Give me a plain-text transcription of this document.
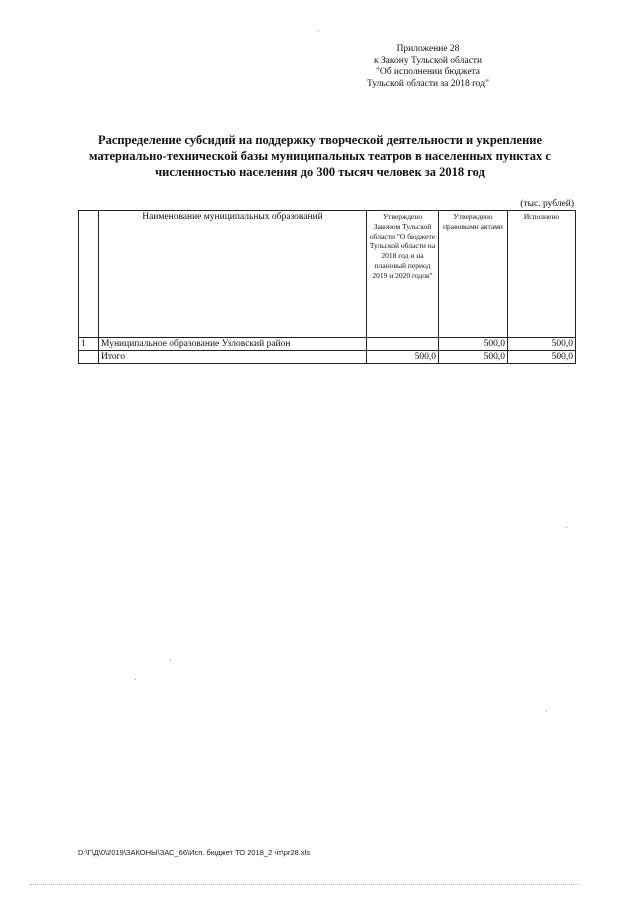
Приложение 28
к Закону Тульской области
"Об исполнении бюджета
Тульской области за 2018 год"
Распределение субсидий на поддержку творческой деятельности и укрепление
материально-технической базы муниципальных театров в населенных пунктах с
численностью населения до 300 тысяч человек за 2018 год
(тыс. рублей)
	Наименование муниципальных образований	Утверждено Законом Тульской области "О бюджете Тульской области на 2018 год и на плановый период 2019 и 2020 годов"	Утверждено правовыми актами	Исполнено
1	Муниципальное образование Узловский район		500,0	500,0
	Итого	500,0	500,0	500,0
D:\Г\Д\0\2019\ЗАКОНЫ\ЗАС_66\Исп. бюджет ТО 2018_2 чт\pr28.xls
